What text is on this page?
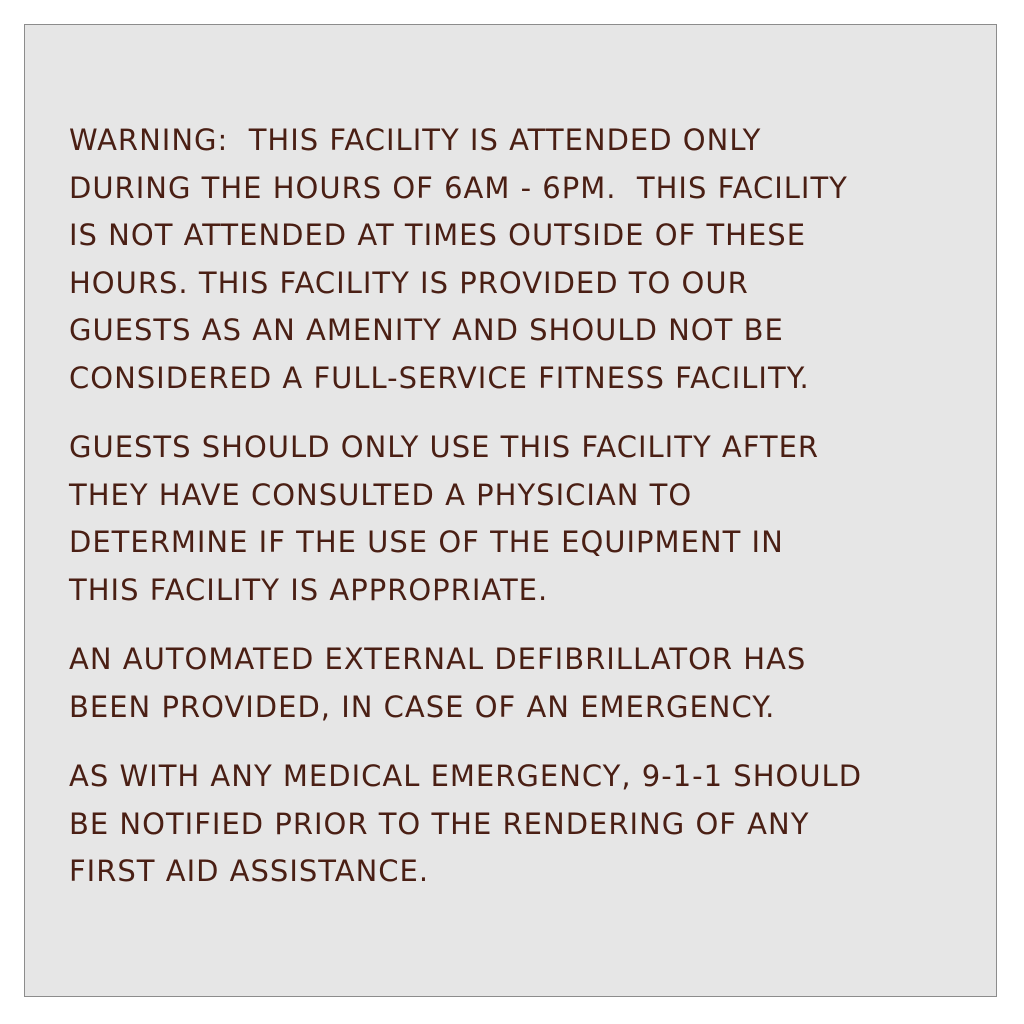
WARNING:  THIS FACILITY IS ATTENDED ONLY
DURING THE HOURS OF 6AM - 6PM.  THIS FACILITY
IS NOT ATTENDED AT TIMES OUTSIDE OF THESE
HOURS. THIS FACILITY IS PROVIDED TO OUR
GUESTS AS AN AMENITY AND SHOULD NOT BE
CONSIDERED A FULL-SERVICE FITNESS FACILITY.

GUESTS SHOULD ONLY USE THIS FACILITY AFTER
THEY HAVE CONSULTED A PHYSICIAN TO
DETERMINE IF THE USE OF THE EQUIPMENT IN
THIS FACILITY IS APPROPRIATE.

AN AUTOMATED EXTERNAL DEFIBRILLATOR HAS
BEEN PROVIDED, IN CASE OF AN EMERGENCY.

AS WITH ANY MEDICAL EMERGENCY, 9-1-1 SHOULD
BE NOTIFIED PRIOR TO THE RENDERING OF ANY
FIRST AID ASSISTANCE.
